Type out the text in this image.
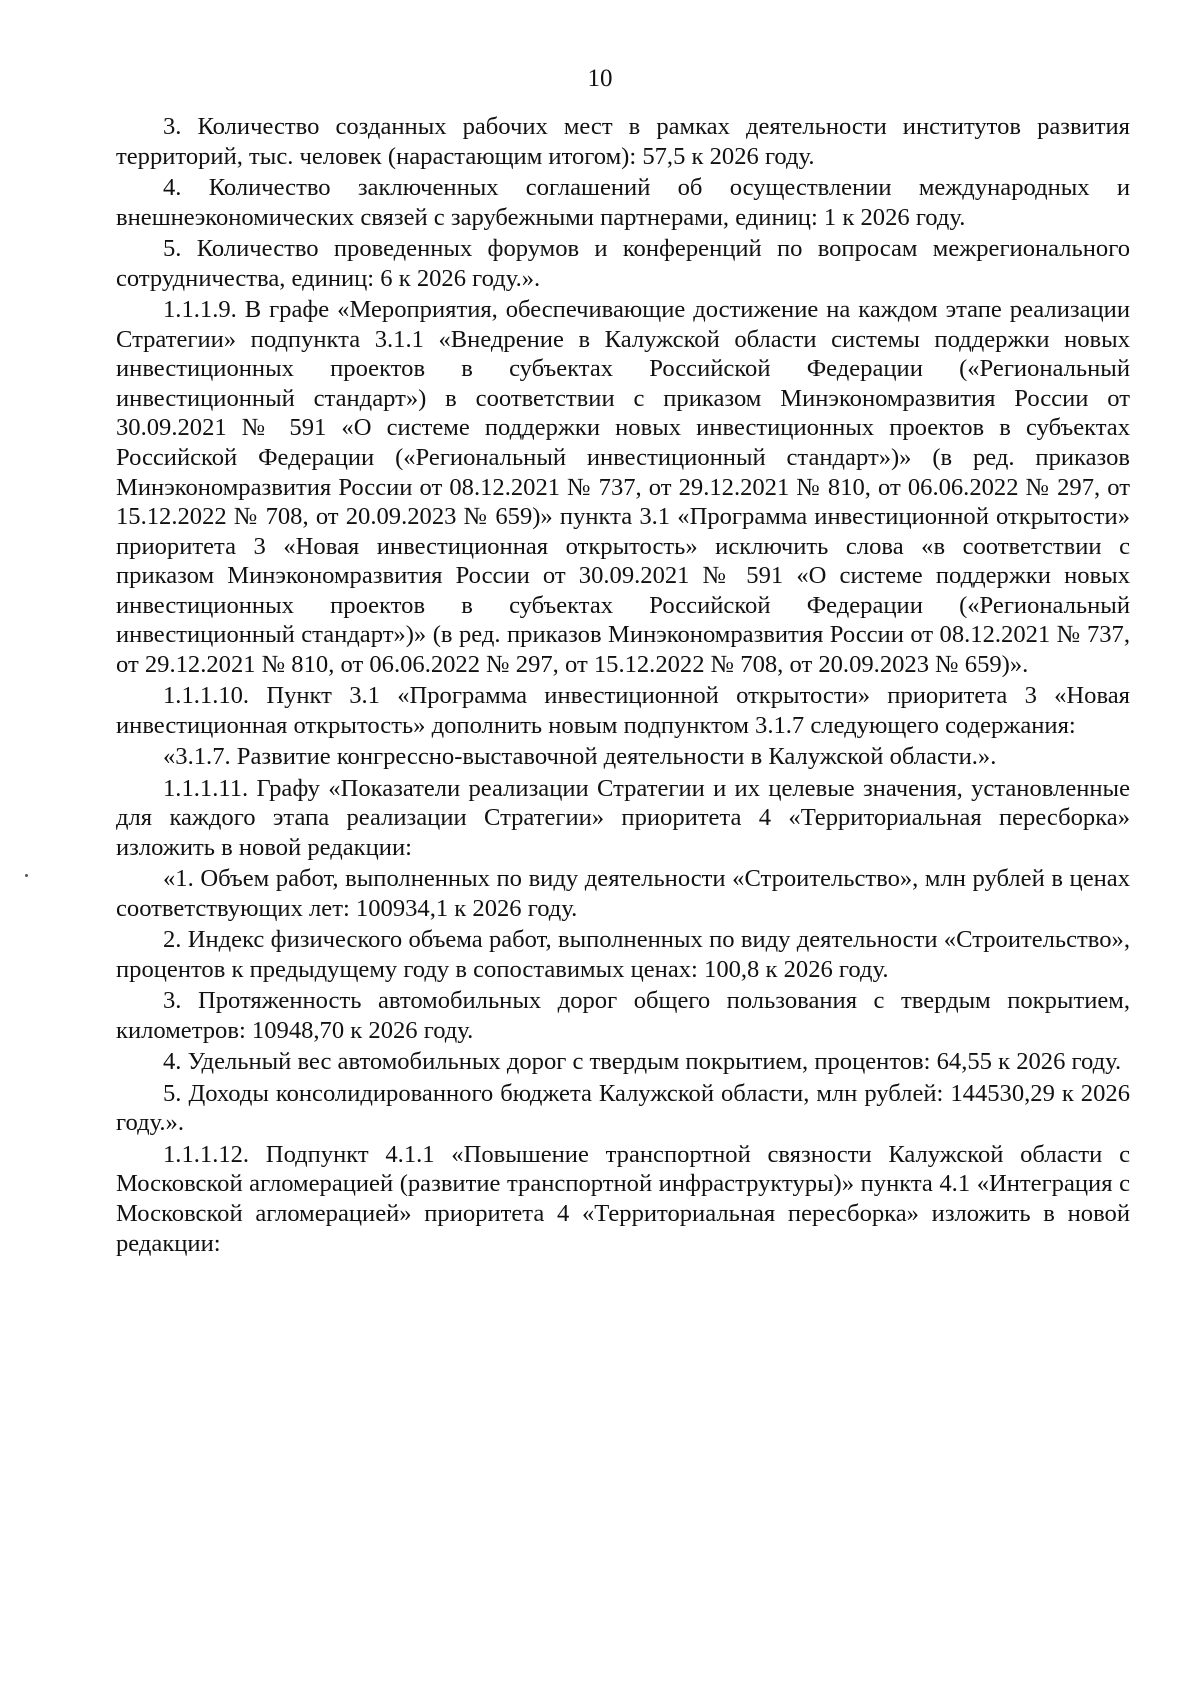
10

3. Количество созданных рабочих мест в рамках деятельности институтов развития территорий, тыс. человек (нарастающим итогом): 57,5 к 2026 году.

4. Количество заключенных соглашений об осуществлении международных и внешнеэкономических связей с зарубежными партнерами, единиц: 1 к 2026 году.

5. Количество проведенных форумов и конференций по вопросам межрегионального сотрудничества, единиц: 6 к 2026 году.».

1.1.1.9. В графе «Мероприятия, обеспечивающие достижение на каждом этапе реализации Стратегии» подпункта 3.1.1 «Внедрение в Калужской области системы поддержки новых инвестиционных проектов в субъектах Российской Федерации («Региональный инвестиционный стандарт») в соответствии с приказом Минэкономразвития России от 30.09.2021 № 591 «О системе поддержки новых инвестиционных проектов в субъектах Российской Федерации («Региональный инвестиционный стандарт»)» (в ред. приказов Минэкономразвития России от 08.12.2021 № 737, от 29.12.2021 № 810, от 06.06.2022 № 297, от 15.12.2022 № 708, от 20.09.2023 № 659)» пункта 3.1 «Программа инвестиционной открытости» приоритета 3 «Новая инвестиционная открытость» исключить слова «в соответствии с приказом Минэкономразвития России от 30.09.2021 № 591 «О системе поддержки новых инвестиционных проектов в субъектах Российской Федерации («Региональный инвестиционный стандарт»)» (в ред. приказов Минэкономразвития России от 08.12.2021 № 737, от 29.12.2021 № 810, от 06.06.2022 № 297, от 15.12.2022 № 708, от 20.09.2023 № 659)».

1.1.1.10. Пункт 3.1 «Программа инвестиционной открытости» приоритета 3 «Новая инвестиционная открытость» дополнить новым подпунктом 3.1.7 следующего содержания:

«3.1.7. Развитие конгрессно-выставочной деятельности в Калужской области.».

1.1.1.11. Графу «Показатели реализации Стратегии и их целевые значения, установленные для каждого этапа реализации Стратегии» приоритета 4 «Территориальная пересборка» изложить в новой редакции:

«1. Объем работ, выполненных по виду деятельности «Строительство», млн рублей в ценах соответствующих лет: 100934,1 к 2026 году.

2. Индекс физического объема работ, выполненных по виду деятельности «Строительство», процентов к предыдущему году в сопоставимых ценах: 100,8 к 2026 году.

3. Протяженность автомобильных дорог общего пользования с твердым покрытием, километров: 10948,70 к 2026 году.

4. Удельный вес автомобильных дорог с твердым покрытием, процентов: 64,55 к 2026 году.

5. Доходы консолидированного бюджета Калужской области, млн рублей: 144530,29 к 2026 году.».

1.1.1.12. Подпункт 4.1.1 «Повышение транспортной связности Калужской области с Московской агломерацией (развитие транспортной инфраструктуры)» пункта 4.1 «Интеграция с Московской агломерацией» приоритета 4 «Территориальная пересборка» изложить в новой редакции:
